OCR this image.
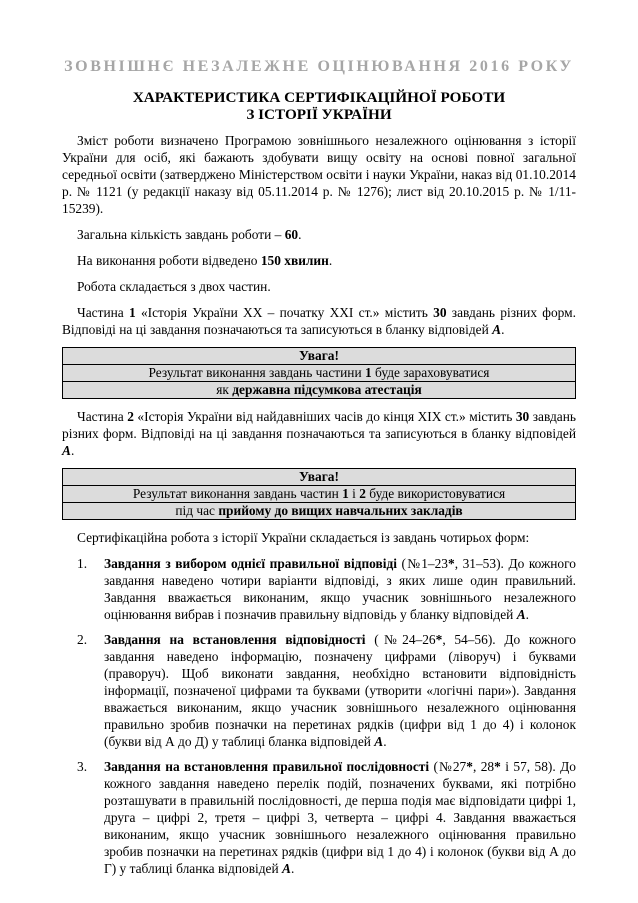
ЗОВНІШНЄ НЕЗАЛЕЖНЕ ОЦІНЮВАННЯ 2016 РОКУ
ХАРАКТЕРИСТИКА СЕРТИФІКАЦІЙНОЇ РОБОТИ
З ІСТОРІЇ УКРАЇНИ

Зміст роботи визначено Програмою зовнішнього незалежного оцінювання з історії України для осіб, які бажають здобувати вищу освіту на основі повної загальної середньої освіти (затверджено Міністерством освіти і науки України, наказ від 01.10.2014 р. № 1121 (у редакції наказу від 05.11.2014 р. № 1276); лист від 20.10.2015 р. № 1/11-15239).

Загальна кількість завдань роботи – 60.

На виконання роботи відведено 150 хвилин.

Робота складається з двох частин.

Частина 1 «Історія України ХХ – початку ХХІ ст.» містить 30 завдань різних форм. Відповіді на ці завдання позначаються та записуються в бланку відповідей А.

Увага!
Результат виконання завдань частини 1 буде зараховуватися
як державна підсумкова атестація

Частина 2 «Історія України від найдавніших часів до кінця ХІХ ст.» містить 30 завдань різних форм. Відповіді на ці завдання позначаються та записуються в бланку відповідей А.

Увага!
Результат виконання завдань частин 1 і 2 буде використовуватися
під час прийому до вищих навчальних закладів

Сертифікаційна робота з історії України складається із завдань чотирьох форм:

1. Завдання з вибором однієї правильної відповіді (№1–23*, 31–53). До кожного завдання наведено чотири варіанти відповіді, з яких лише один правильний. Завдання вважається виконаним, якщо учасник зовнішнього незалежного оцінювання вибрав і позначив правильну відповідь у бланку відповідей А.
2. Завдання на встановлення відповідності (№24–26*, 54–56). До кожного завдання наведено інформацію, позначену цифрами (ліворуч) і буквами (праворуч). Щоб виконати завдання, необхідно встановити відповідність інформації, позначеної цифрами та буквами (утворити «логічні пари»). Завдання вважається виконаним, якщо учасник зовнішнього незалежного оцінювання правильно зробив позначки на перетинах рядків (цифри від 1 до 4) і колонок (букви від А до Д) у таблиці бланка відповідей А.
3. Завдання на встановлення правильної послідовності (№27*, 28* і 57, 58). До кожного завдання наведено перелік подій, позначених буквами, які потрібно розташувати в правильній послідовності, де перша подія має відповідати цифрі 1, друга – цифрі 2, третя – цифрі 3, четверта – цифрі 4. Завдання вважається виконаним, якщо учасник зовнішнього незалежного оцінювання правильно зробив позначки на перетинах рядків (цифри від 1 до 4) і колонок (букви від А до Г) у таблиці бланка відповідей А.
